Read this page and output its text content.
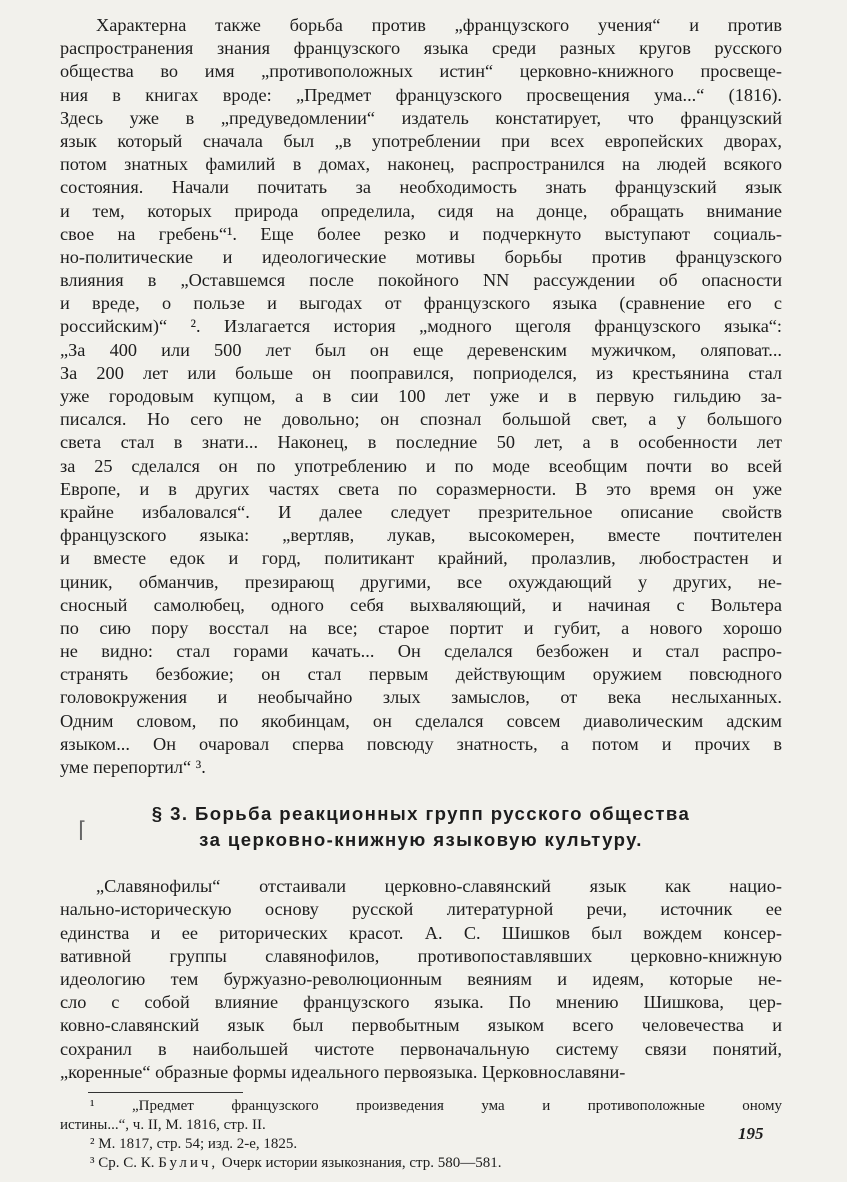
Характерна также борьба против „французского учения“ и против
распространения знания французского языка среди разных кругов русского
общества во имя „противоположных истин“ церковно-книжного просвеще-
ния в книгах вроде: „Предмет французского просвещения ума...“ (1816).
Здесь уже в „предуведомлении“ издатель констатирует, что французский
язык который сначала был „в употреблении при всех европейских дворах,
потом знатных фамилий в домах, наконец, распространился на людей всякого
состояния. Начали почитать за необходимость знать французский язык
и тем, которых природа определила, сидя на донце, обращать внимание
свое на гребень“¹. Еще более резко и подчеркнуто выступают социаль-
но-политические и идеологические мотивы борьбы против французского
влияния в „Оставшемся после покойного NN рассуждении об опасности
и вреде, о пользе и выгодах от французского языка (сравнение его с
российским)“ ². Излагается история „модного щеголя французского языка“:
„За 400 или 500 лет был он еще деревенским мужичком, оляповат...
За 200 лет или больше он пооправился, поприоделся, из крестьянина стал
уже городовым купцом, а в сии 100 лет уже и в первую гильдию за-
писался. Но сего не довольно; он спознал большой свет, а у большого
света стал в знати... Наконец, в последние 50 лет, а в особенности лет
за 25 сделался он по употреблению и по моде всеобщим почти во всей
Европе, и в других частях света по соразмерности. В это время он уже
крайне избаловался“. И далее следует презрительное описание свойств
французского языка: „вертляв, лукав, высокомерен, вместе почтителен
и вместе едок и горд, политикант крайний, пролазлив, любострастен и
циник, обманчив, презирающ другими, все охуждающий у других, не-
сносный самолюбец, одного себя выхваляющий, и начиная с Вольтера
по сию пору восстал на все; старое портит и губит, а нового хорошо
не видно: стал горами качать... Он сделался безбожен и стал распро-
странять безбожие; он стал первым действующим оружием повсюдного
головокружения и необычайно злых замыслов, от века неслыханных.
Одним словом, по якобинцам, он сделался совсем диаволическим адским
языком... Он очаровал сперва повсюду знатность, а потом и прочих в
уме перепортил“ ³.
§ 3. Борьба реакционных групп русского общества
за церковно-книжную языковую культуру.
„Славянофилы“ отстаивали церковно-славянский язык как нацио-
нально-историческую основу русской литературной речи, источник ее
единства и ее риторических красот. А. С. Шишков был вождем консер-
вативной группы славянофилов, противопоставлявших церковно-книжную
идеологию тем буржуазно-революционным веяниям и идеям, которые не-
сло с собой влияние французского языка. По мнению Шишкова, цер-
ковно-славянский язык был первобытным языком всего человечества и
сохранил в наибольшей чистоте первоначальную систему связи понятий,
„коренные“ образные формы идеального первоязыка. Церковнославяни-
¹ „Предмет французского произведения ума и противоположные оному
истины...“, ч. II, М. 1816, стр. II.
² М. 1817, стр. 54; изд. 2-е, 1825.
³ Ср. С. К. Булич, Очерк истории языкознания, стр. 580—581.
⌈
195
